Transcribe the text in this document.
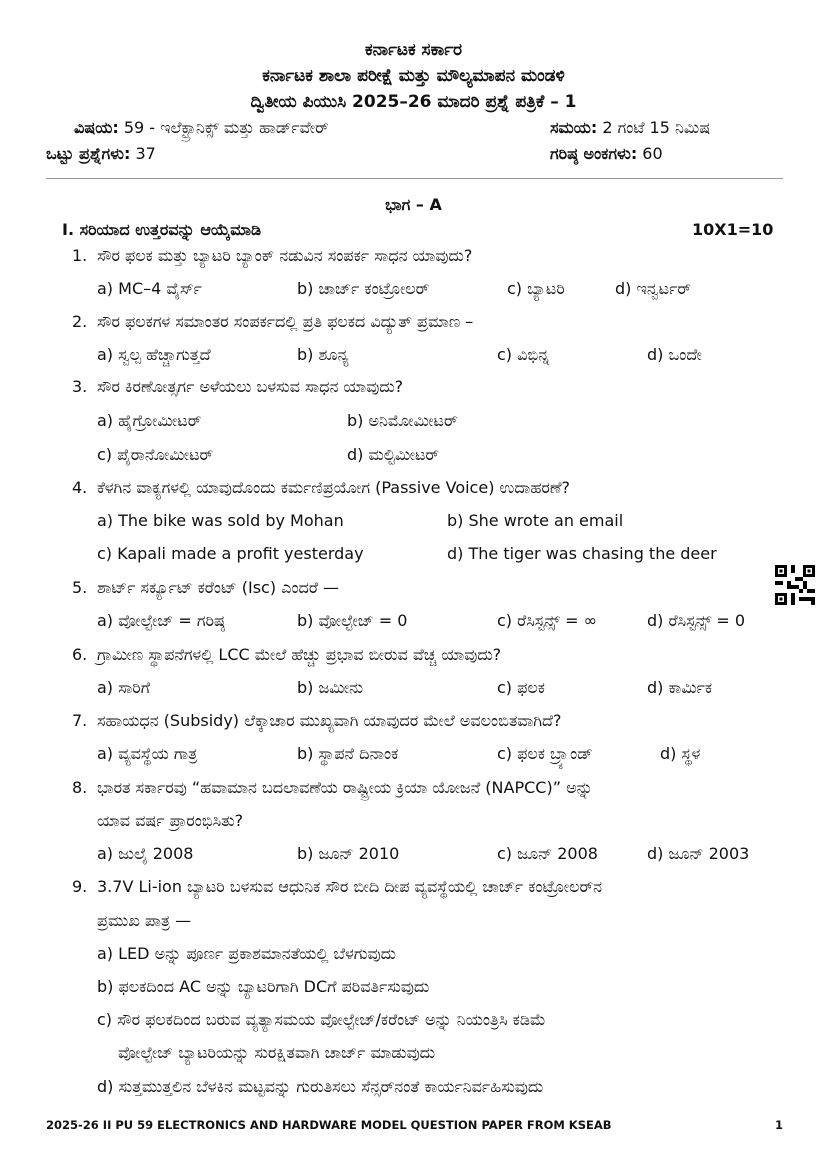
ಕರ್ನಾಟಕ ಸರ್ಕಾರ
ಕರ್ನಾಟಕ ಶಾಲಾ ಪರೀಕ್ಷೆ ಮತ್ತು ಮೌಲ್ಯಮಾಪನ ಮಂಡಳಿ
ದ್ವಿತೀಯ ಪಿಯುಸಿ 2025–26 ಮಾದರಿ ಪ್ರಶ್ನೆ ಪತ್ರಿಕೆ – 1
ವಿಷಯ: 59 - ಇಲೆಕ್ಟ್ರಾನಿಕ್ಸ್ ಮತ್ತು ಹಾರ್ಡ್‌ವೇರ್	ಸಮಯ: 2 ಗಂಟೆ 15 ನಿಮಿಷ
ಒಟ್ಟು ಪ್ರಶ್ನೆಗಳು: 37	ಗರಿಷ್ಠ ಅಂಕಗಳು: 60
ಭಾಗ – A
I. ಸರಿಯಾದ ಉತ್ತರವನ್ನು ಆಯ್ಕೆಮಾಡಿ	10X1=10
1. ಸೌರ ಫಲಕ ಮತ್ತು ಬ್ಯಾಟರಿ ಬ್ಯಾಂಕ್ ನಡುವಿನ ಸಂಪರ್ಕ ಸಾಧನ ಯಾವುದು?
a) MC–4 ವೈರ್ಸ್	b) ಚಾರ್ಜ್ ಕಂಟ್ರೋಲರ್	c) ಬ್ಯಾಟರಿ	d) ಇನ್ವರ್ಟರ್
2. ಸೌರ ಫಲಕಗಳ ಸಮಾಂತರ ಸಂಪರ್ಕದಲ್ಲಿ ಪ್ರತಿ ಫಲಕದ ವಿದ್ಯುತ್ ಪ್ರಮಾಣ –
a) ಸ್ವಲ್ಪ ಹೆಚ್ಚಾಗುತ್ತದೆ	b) ಶೂನ್ಯ	c) ವಿಭಿನ್ನ	d) ಒಂದೇ
3. ಸೌರ ಕಿರಣೋತ್ಸರ್ಗ ಅಳೆಯಲು ಬಳಸುವ ಸಾಧನ ಯಾವುದು?
a) ಹೈಗ್ರೋಮೀಟರ್	b) ಅನಿಮೋಮೀಟರ್
c) ಪೈರಾನೋಮೀಟರ್	d) ಮಲ್ಟಿಮೀಟರ್
4. ಕೆಳಗಿನ ವಾಕ್ಯಗಳಲ್ಲಿ ಯಾವುದೊಂದು ಕರ್ಮಣಿಪ್ರಯೋಗ (Passive Voice) ಉದಾಹರಣೆ?
a) The bike was sold by Mohan	b) She wrote an email
c) Kapali made a profit yesterday	d) The tiger was chasing the deer
5. ಶಾರ್ಟ್ ಸರ್ಕ್ಯೂಟ್ ಕರೆಂಟ್ (Isc) ಎಂದರೆ —
a) ವೋಲ್ಟೇಜ್ = ಗರಿಷ್ಠ	b) ವೋಲ್ಟೇಜ್ = 0	c) ರೆಸಿಸ್ಟನ್ಸ್ = ∞	d) ರೆಸಿಸ್ಟನ್ಸ್ = 0
6. ಗ್ರಾಮೀಣ ಸ್ಥಾಪನೆಗಳಲ್ಲಿ LCC ಮೇಲೆ ಹೆಚ್ಚು ಪ್ರಭಾವ ಬೀರುವ ವೆಚ್ಚ ಯಾವುದು?
a) ಸಾರಿಗೆ	b) ಜಮೀನು	c) ಫಲಕ	d) ಕಾರ್ಮಿಕ
7. ಸಹಾಯಧನ (Subsidy) ಲೆಕ್ಕಾಚಾರ ಮುಖ್ಯವಾಗಿ ಯಾವುದರ ಮೇಲೆ ಅವಲಂಬಿತವಾಗಿದೆ?
a) ವ್ಯವಸ್ಥೆಯ ಗಾತ್ರ	b) ಸ್ಥಾಪನೆ ದಿನಾಂಕ	c) ಫಲಕ ಬ್ರ್ಯಾಂಡ್	d) ಸ್ಥಳ
8. ಭಾರತ ಸರ್ಕಾರವು “ಹವಾಮಾನ ಬದಲಾವಣೆಯ ರಾಷ್ಟ್ರೀಯ ಕ್ರಿಯಾ ಯೋಜನೆ (NAPCC)” ಅನ್ನು
ಯಾವ ವರ್ಷ ಪ್ರಾರಂಭಿಸಿತು?
a) ಜುಲೈ 2008	b) ಜೂನ್ 2010	c) ಜೂನ್ 2008	d) ಜೂನ್ 2003
9. 3.7V Li-ion ಬ್ಯಾಟರಿ ಬಳಸುವ ಆಧುನಿಕ ಸೌರ ಬೀದಿ ದೀಪ ವ್ಯವಸ್ಥೆಯಲ್ಲಿ ಚಾರ್ಜ್ ಕಂಟ್ರೋಲರ್‌ನ
ಪ್ರಮುಖ ಪಾತ್ರ —
a) LED ಅನ್ನು ಪೂರ್ಣ ಪ್ರಕಾಶಮಾನತೆಯಲ್ಲಿ ಬೆಳಗುವುದು
b) ಫಲಕದಿಂದ AC ಅನ್ನು ಬ್ಯಾಟರಿಗಾಗಿ DCಗೆ ಪರಿವರ್ತಿಸುವುದು
c) ಸೌರ ಫಲಕದಿಂದ ಬರುವ ವ್ಯತ್ಯಾಸಮಯ ವೋಲ್ಟೇಜ್/ಕರೆಂಟ್ ಅನ್ನು ನಿಯಂತ್ರಿಸಿ ಕಡಿಮೆ
ವೋಲ್ಟೇಜ್ ಬ್ಯಾಟರಿಯನ್ನು ಸುರಕ್ಷಿತವಾಗಿ ಚಾರ್ಜ್ ಮಾಡುವುದು
d) ಸುತ್ತಮುತ್ತಲಿನ ಬೆಳಕಿನ ಮಟ್ಟವನ್ನು ಗುರುತಿಸಲು ಸೆನ್ಸರ್‌ನಂತೆ ಕಾರ್ಯನಿರ್ವಹಿಸುವುದು
2025-26 II PU 59 ELECTRONICS AND HARDWARE MODEL QUESTION PAPER FROM KSEAB	1
